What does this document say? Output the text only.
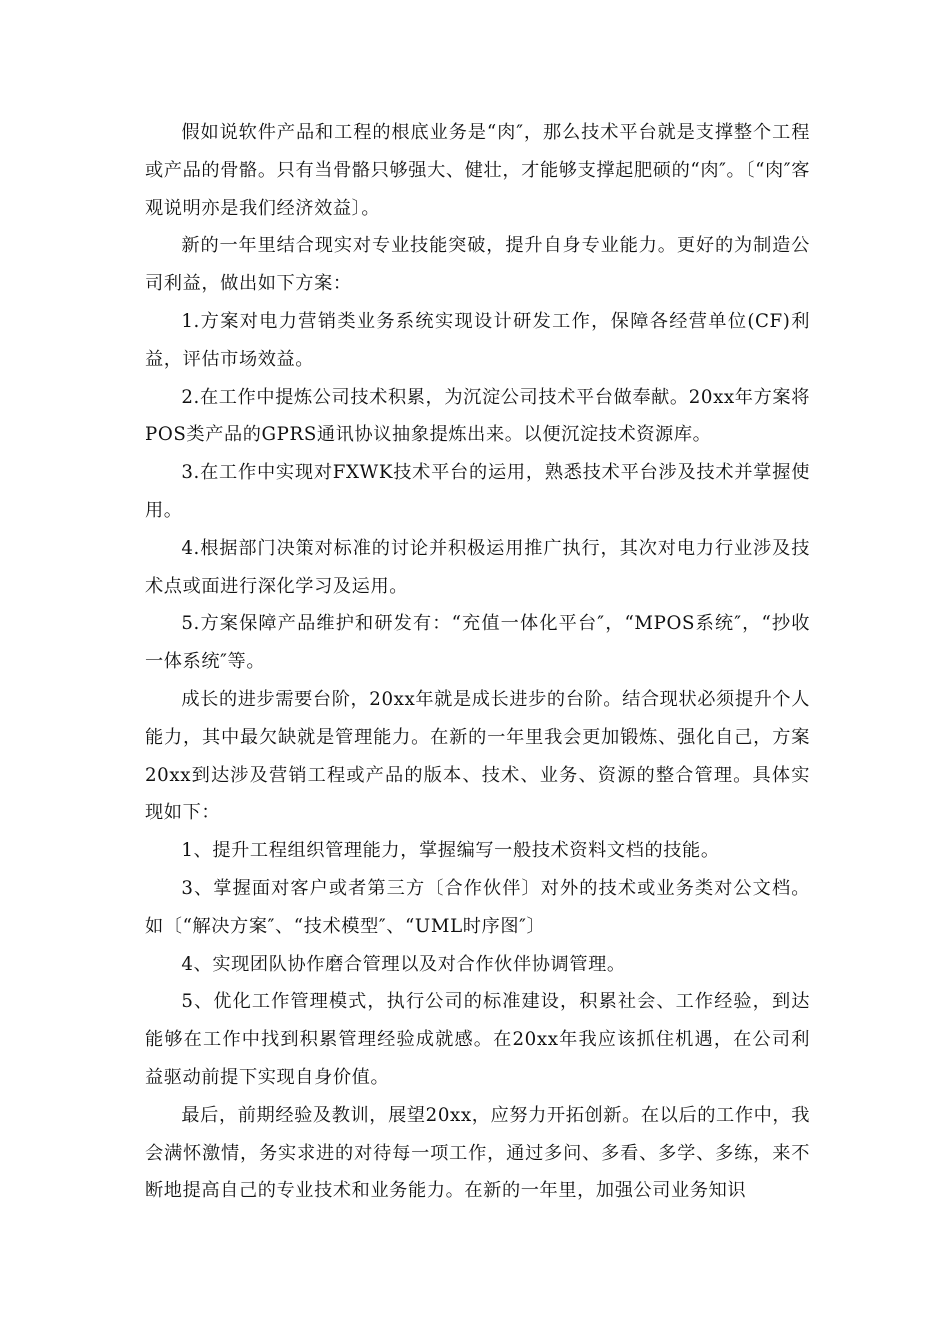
假如说软件产品和工程的根底业务是“肉″，那么技术平台就是支撑整个工程或产品的骨骼。只有当骨骼只够强大、健壮，才能够支撑起肥硕的“肉″。〔“肉″客观说明亦是我们经济效益〕。

新的一年里结合现实对专业技能突破，提升自身专业能力。更好的为制造公司利益，做出如下方案：

1.方案对电力营销类业务系统实现设计研发工作，保障各经营单位(CF)利益，评估市场效益。

2.在工作中提炼公司技术积累，为沉淀公司技术平台做奉献。20xx年方案将 POS类产品的GPRS通讯协议抽象提炼出来。以便沉淀技术资源库。

3.在工作中实现对FXWK技术平台的运用，熟悉技术平台涉及技术并掌握使用。

4.根据部门决策对标准的讨论并积极运用推广执行，其次对电力行业涉及技术点或面进行深化学习及运用。

5.方案保障产品维护和研发有：“充值一体化平台″，“MPOS系统″，“抄收一体系统″等。

成长的进步需要台阶，20xx年就是成长进步的台阶。结合现状必须提升个人能力，其中最欠缺就是管理能力。在新的一年里我会更加锻炼、强化自己，方案20xx到达涉及营销工程或产品的版本、技术、业务、资源的整合管理。具体实现如下：

1、提升工程组织管理能力，掌握编写一般技术资料文档的技能。

3、掌握面对客户或者第三方〔合作伙伴〕对外的技术或业务类对公文档。如〔“解决方案″、“技术模型″、“UML时序图″〕

4、实现团队协作磨合管理以及对合作伙伴协调管理。

5、优化工作管理模式，执行公司的标准建设，积累社会、工作经验，到达能够在工作中找到积累管理经验成就感。在20xx年我应该抓住机遇，在公司利益驱动前提下实现自身价值。

最后，前期经验及教训，展望20xx，应努力开拓创新。在以后的工作中，我会满怀激情，务实求进的对待每一项工作，通过多问、多看、多学、多练，来不断地提高自己的专业技术和业务能力。在新的一年里，加强公司业务知识
